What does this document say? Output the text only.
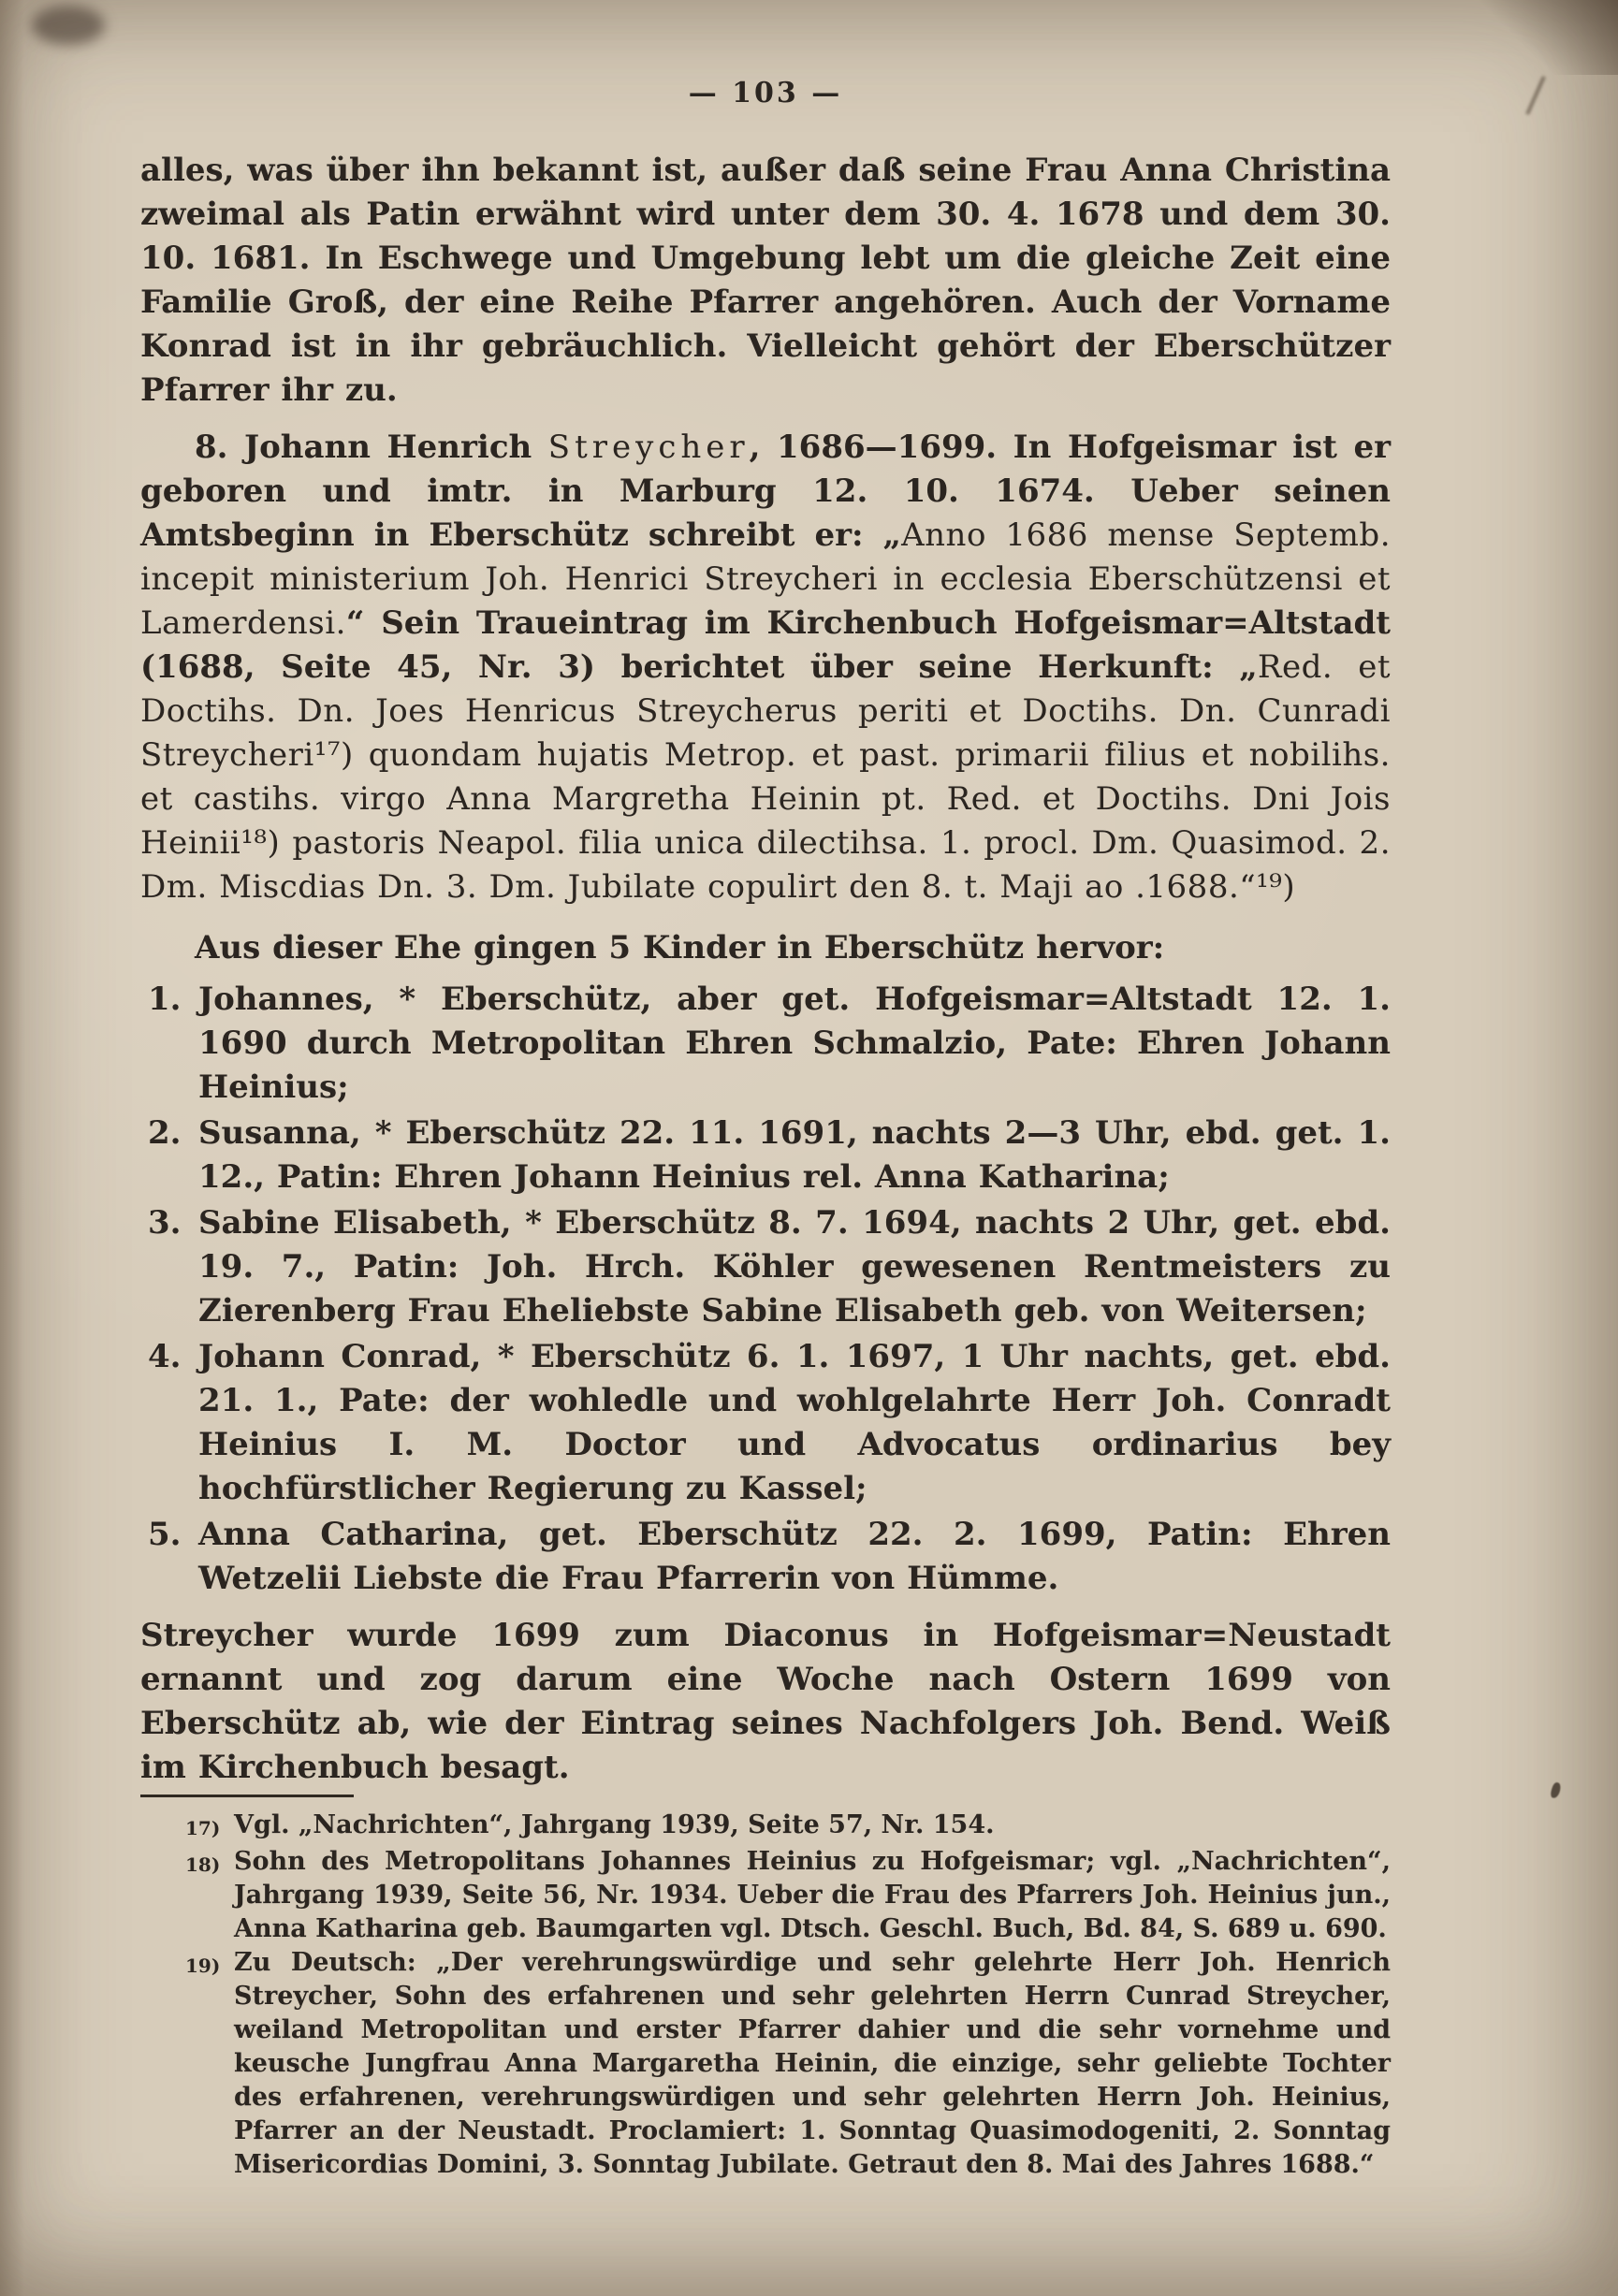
— 103 —

alles, was über ihn bekannt ist, außer daß seine Frau Anna Christina zweimal als Patin erwähnt wird unter dem 30. 4. 1678 und dem 30. 10. 1681. In Eschwege und Umgebung lebt um die gleiche Zeit eine Familie Groß, der eine Reihe Pfarrer angehören. Auch der Vorname Konrad ist in ihr gebräuchlich. Vielleicht gehört der Eberschützer Pfarrer ihr zu.

8. Johann Henrich Streycher, 1686—1699. In Hofgeismar ist er geboren und imtr. in Marburg 12. 10. 1674. Ueber seinen Amtsbeginn in Eberschütz schreibt er: „Anno 1686 mense Septemb. incepit ministerium Joh. Henrici Streycheri in ecclesia Eberschützensi et Lamerdensi.“ Sein Traueintrag im Kirchenbuch Hofgeismar=Altstadt (1688, Seite 45, Nr. 3) berichtet über seine Herkunft: „Red. et Doctihs. Dn. Joes Henricus Streycherus periti et Doctihs. Dn. Cunradi Streycheri¹⁷) quondam hujatis Metrop. et past. primarii filius et nobilihs. et castihs. virgo Anna Margretha Heinin pt. Red. et Doctihs. Dni Jois Heinii¹⁸) pastoris Neapol. filia unica dilectihsa. 1. procl. Dm. Quasimod. 2. Dm. Miscdias Dn. 3. Dm. Jubilate copulirt den 8. t. Maji ao .1688.“¹⁹)

Aus dieser Ehe gingen 5 Kinder in Eberschütz hervor:

1. Johannes, * Eberschütz, aber get. Hofgeismar=Altstadt 12. 1. 1690 durch Metropolitan Ehren Schmalzio, Pate: Ehren Johann Heinius;
2. Susanna, * Eberschütz 22. 11. 1691, nachts 2—3 Uhr, ebd. get. 1. 12., Patin: Ehren Johann Heinius rel. Anna Katharina;
3. Sabine Elisabeth, * Eberschütz 8. 7. 1694, nachts 2 Uhr, get. ebd. 19. 7., Patin: Joh. Hrch. Köhler gewesenen Rentmeisters zu Zierenberg Frau Eheliebste Sabine Elisabeth geb. von Weitersen;
4. Johann Conrad, * Eberschütz 6. 1. 1697, 1 Uhr nachts, get. ebd. 21. 1., Pate: der wohledle und wohlgelahrte Herr Joh. Conradt Heinius I. M. Doctor und Advocatus ordinarius bey hochfürstlicher Regierung zu Kassel;
5. Anna Catharina, get. Eberschütz 22. 2. 1699, Patin: Ehren Wetzelii Liebste die Frau Pfarrerin von Hümme.

Streycher wurde 1699 zum Diaconus in Hofgeismar=Neustadt ernannt und zog darum eine Woche nach Ostern 1699 von Eberschütz ab, wie der Eintrag seines Nachfolgers Joh. Bend. Weiß im Kirchenbuch besagt.

17) Vgl. „Nachrichten“, Jahrgang 1939, Seite 57, Nr. 154.
18) Sohn des Metropolitans Johannes Heinius zu Hofgeismar; vgl. „Nachrichten“, Jahrgang 1939, Seite 56, Nr. 1934. Ueber die Frau des Pfarrers Joh. Heinius jun., Anna Katharina geb. Baumgarten vgl. Dtsch. Geschl. Buch, Bd. 84, S. 689 u. 690.
19) Zu Deutsch: „Der verehrungswürdige und sehr gelehrte Herr Joh. Henrich Streycher, Sohn des erfahrenen und sehr gelehrten Herrn Cunrad Streycher, weiland Metropolitan und erster Pfarrer dahier und die sehr vornehme und keusche Jungfrau Anna Margaretha Heinin, die einzige, sehr geliebte Tochter des erfahrenen, verehrungswürdigen und sehr gelehrten Herrn Joh. Heinius, Pfarrer an der Neustadt. Proclamiert: 1. Sonntag Quasimodogeniti, 2. Sonntag Misericordias Domini, 3. Sonntag Jubilate. Getraut den 8. Mai des Jahres 1688.“
